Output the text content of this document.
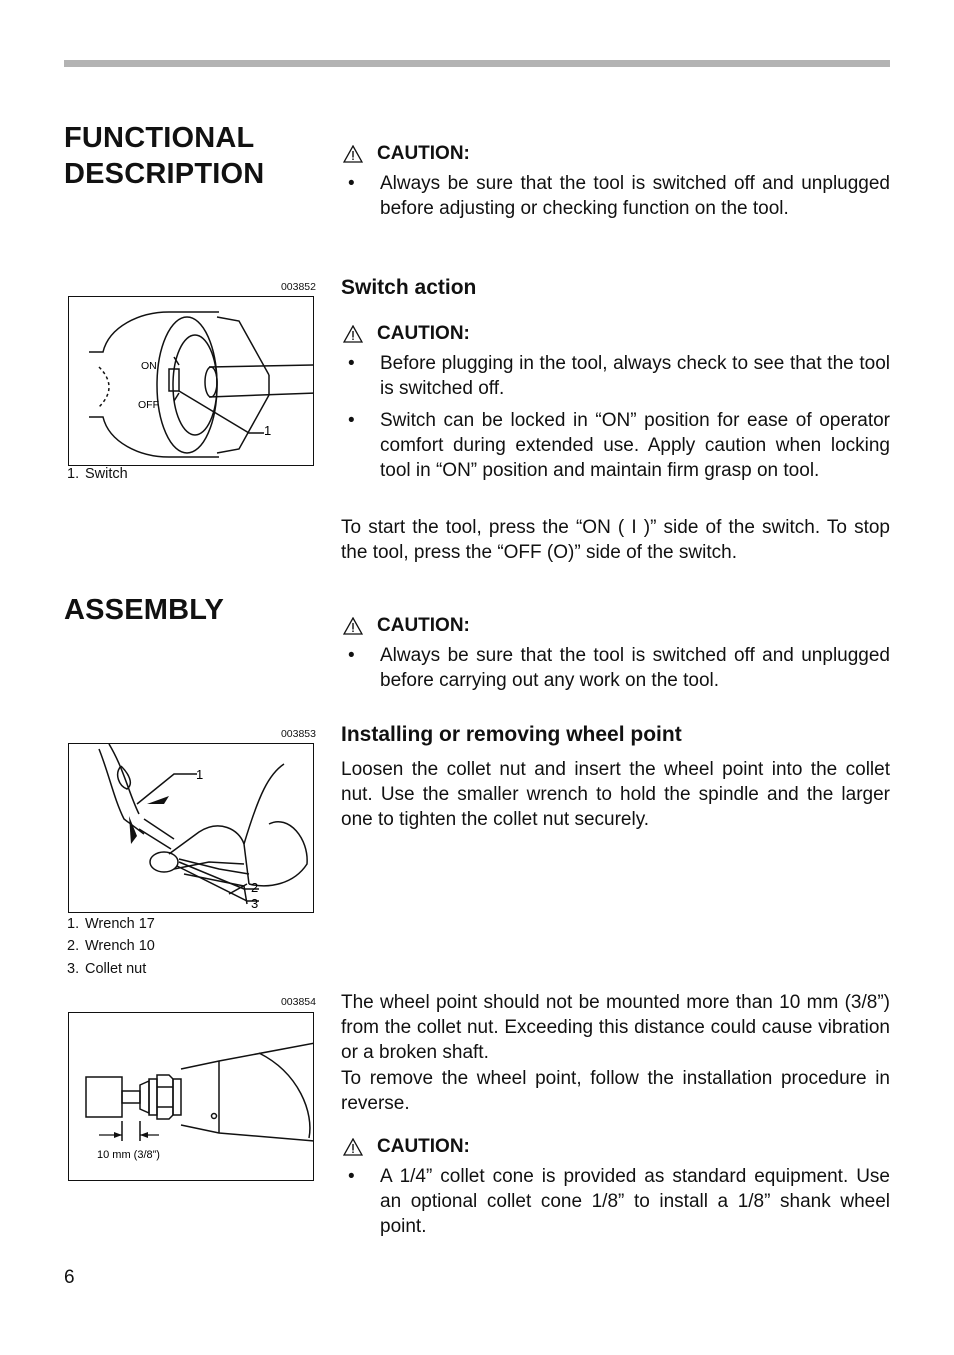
FUNCTIONAL
DESCRIPTION
ASSEMBLY
003852
ON
OFF
1
1. Switch
003853
1
2
3
1. Wrench 17
2. Wrench 10
3. Collet nut
003854
10 mm (3/8”)
CAUTION:
• Always be sure that the tool is switched off and unplugged before adjusting or checking function on the tool.
Switch action
CAUTION:
• Before plugging in the tool, always check to see that the tool is switched off.
• Switch can be locked in “ON” position for ease of operator comfort during extended use. Apply caution when locking tool in “ON” position and maintain firm grasp on tool.
To start the tool, press the “ON ( I )” side of the switch. To stop the tool, press the “OFF (O)” side of the switch.
CAUTION:
• Always be sure that the tool is switched off and unplugged before carrying out any work on the tool.
Installing or removing wheel point
Loosen the collet nut and insert the wheel point into the collet nut. Use the smaller wrench to hold the spindle and the larger one to tighten the collet nut securely.
The wheel point should not be mounted more than 10 mm (3/8”) from the collet nut. Exceeding this distance could cause vibration or a broken shaft.
To remove the wheel point, follow the installation procedure in reverse.
CAUTION:
• A 1/4” collet cone is provided as standard equipment. Use an optional collet cone 1/8” to install a 1/8” shank wheel point.
6
